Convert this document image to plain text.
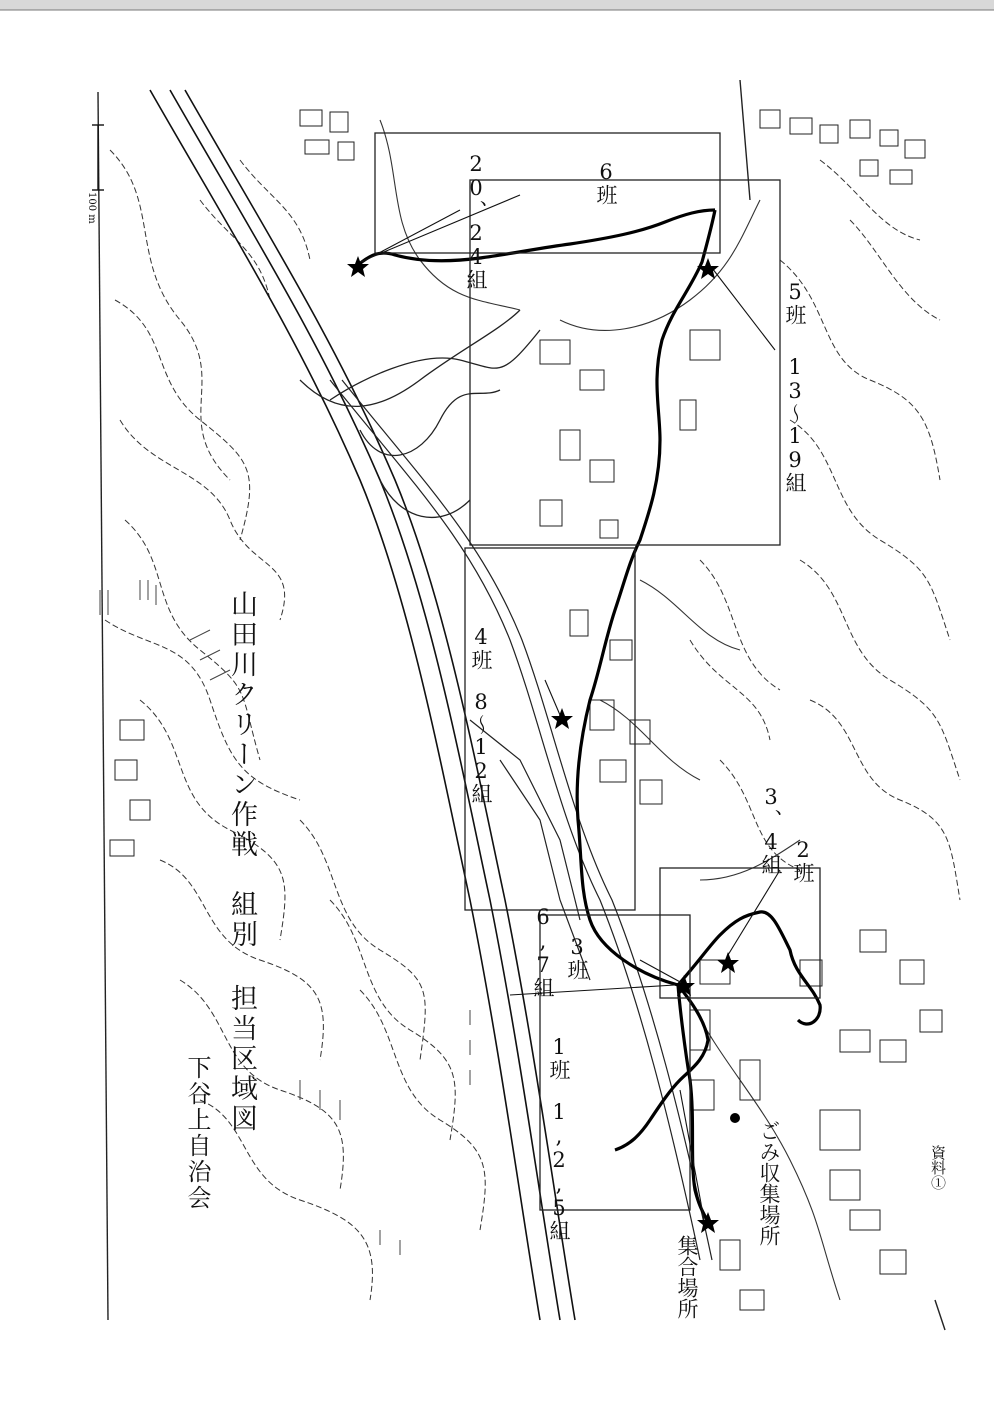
100 m
資料①
山田川クリーン作戦　組別 担当区域図
下谷上自治会
6班
20、24組
5班
13～19組
4班
8～12組
2班
3、4組
3班
6,7組
1班
1,2,5組	ごみ収集場所
集合場所
